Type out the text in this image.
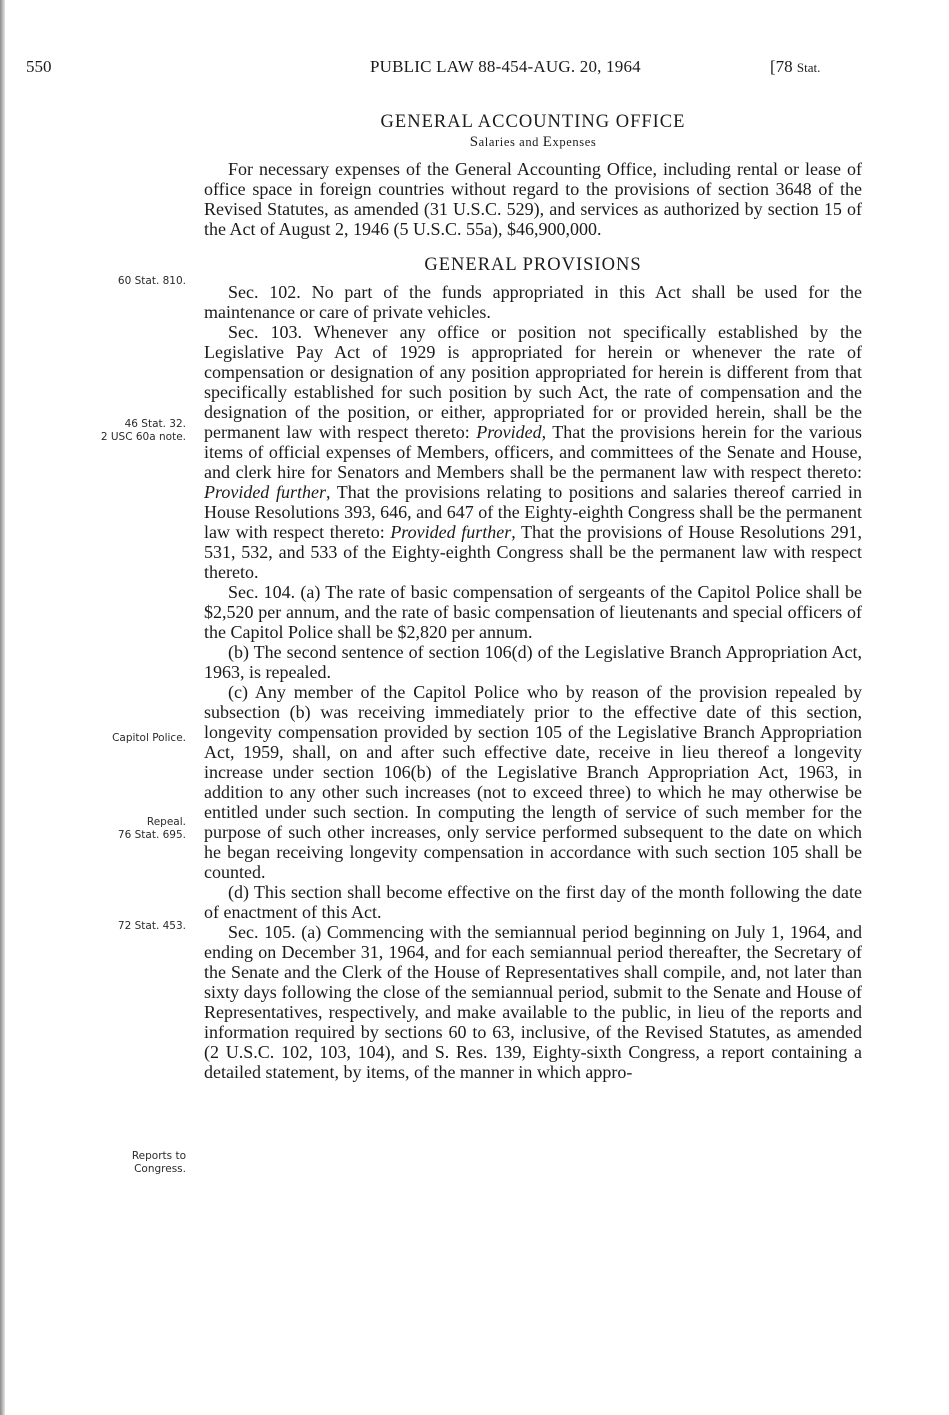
550	PUBLIC LAW 88-454-AUG. 20, 1964	[78 Stat.
60 Stat. 810.
46 Stat. 32.
2 USC 60a note.
Capitol Police.
Repeal.
76 Stat. 695.
72 Stat. 453.
Reports to
Congress.

GENERAL ACCOUNTING OFFICE

Salaries and Expenses

For necessary expenses of the General Accounting Office, including rental or lease of office space in foreign countries without regard to the provisions of section 3648 of the Revised Statutes, as amended (31 U.S.C. 529), and services as authorized by section 15 of the Act of August 2, 1946 (5 U.S.C. 55a), $46,900,000.

GENERAL PROVISIONS

Sec. 102. No part of the funds appropriated in this Act shall be used for the maintenance or care of private vehicles.

Sec. 103. Whenever any office or position not specifically established by the Legislative Pay Act of 1929 is appropriated for herein or whenever the rate of compensation or designation of any position appropriated for herein is different from that specifically established for such position by such Act, the rate of compensation and the designation of the position, or either, appropriated for or provided herein, shall be the permanent law with respect thereto: Provided, That the provisions herein for the various items of official expenses of Members, officers, and committees of the Senate and House, and clerk hire for Senators and Members shall be the permanent law with respect thereto: Provided further, That the provisions relating to positions and salaries thereof carried in House Resolutions 393, 646, and 647 of the Eighty-eighth Congress shall be the permanent law with respect thereto: Provided further, That the provisions of House Resolutions 291, 531, 532, and 533 of the Eighty-eighth Congress shall be the permanent law with respect thereto.

Sec. 104. (a) The rate of basic compensation of sergeants of the Capitol Police shall be $2,520 per annum, and the rate of basic compensation of lieutenants and special officers of the Capitol Police shall be $2,820 per annum.

(b) The second sentence of section 106(d) of the Legislative Branch Appropriation Act, 1963, is repealed.

(c) Any member of the Capitol Police who by reason of the provision repealed by subsection (b) was receiving immediately prior to the effective date of this section, longevity compensation provided by section 105 of the Legislative Branch Appropriation Act, 1959, shall, on and after such effective date, receive in lieu thereof a longevity increase under section 106(b) of the Legislative Branch Appropriation Act, 1963, in addition to any other such increases (not to exceed three) to which he may otherwise be entitled under such section. In computing the length of service of such member for the purpose of such other increases, only service performed subsequent to the date on which he began receiving longevity compensation in accordance with such section 105 shall be counted.

(d) This section shall become effective on the first day of the month following the date of enactment of this Act.

Sec. 105. (a) Commencing with the semiannual period beginning on July 1, 1964, and ending on December 31, 1964, and for each semiannual period thereafter, the Secretary of the Senate and the Clerk of the House of Representatives shall compile, and, not later than sixty days following the close of the semiannual period, submit to the Senate and House of Representatives, respectively, and make available to the public, in lieu of the reports and information required by sections 60 to 63, inclusive, of the Revised Statutes, as amended (2 U.S.C. 102, 103, 104), and S. Res. 139, Eighty-sixth Congress, a report containing a detailed statement, by items, of the manner in which appro-
